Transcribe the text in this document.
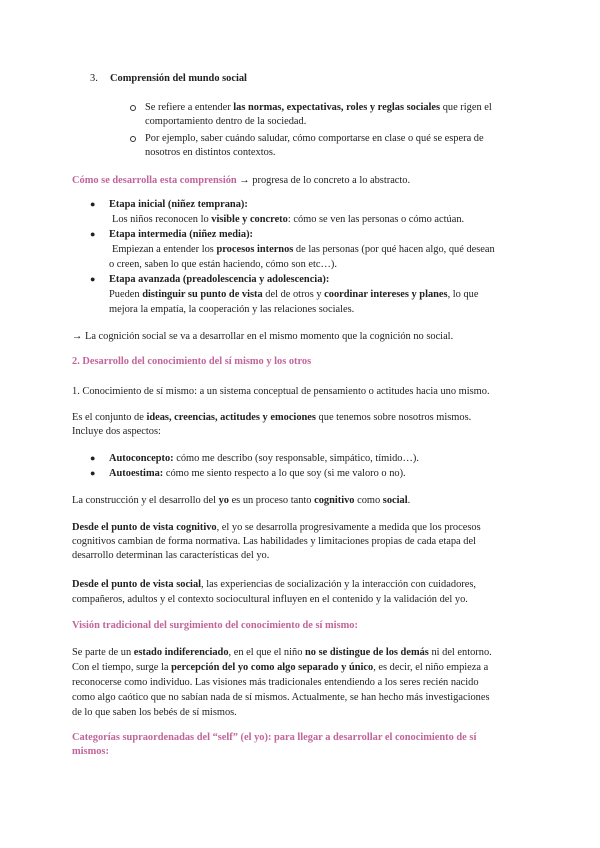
3. Comprensión del mundo social
Se refiere a entender las normas, expectativas, roles y reglas sociales que rigen el
comportamiento dentro de la sociedad.
Por ejemplo, saber cuándo saludar, cómo comportarse en clase o qué se espera de
nosotros en distintos contextos.
Cómo se desarrolla esta comprensión → progresa de lo concreto a lo abstracto.
● Etapa inicial (niñez temprana):
Los niños reconocen lo visible y concreto: cómo se ven las personas o cómo actúan.
● Etapa intermedia (niñez media):
Empiezan a entender los procesos internos de las personas (por qué hacen algo, qué desean
o creen, saben lo que están haciendo, cómo son etc…).
● Etapa avanzada (preadolescencia y adolescencia):
Pueden distinguir su punto de vista del de otros y coordinar intereses y planes, lo que
mejora la empatía, la cooperación y las relaciones sociales.
→ La cognición social se va a desarrollar en el mismo momento que la cognición no social.
2. Desarrollo del conocimiento del sí mismo y los otros
1. Conocimiento de sí mismo: a un sistema conceptual de pensamiento o actitudes hacia uno mismo.
Es el conjunto de ideas, creencias, actitudes y emociones que tenemos sobre nosotros mismos.
Incluye dos aspectos:
● Autoconcepto: cómo me describo (soy responsable, simpático, tímido…).
● Autoestima: cómo me siento respecto a lo que soy (si me valoro o no).
La construcción y el desarrollo del yo es un proceso tanto cognitivo como social.
Desde el punto de vista cognitivo, el yo se desarrolla progresivamente a medida que los procesos
cognitivos cambian de forma normativa. Las habilidades y limitaciones propias de cada etapa del
desarrollo determinan las características del yo.
Desde el punto de vista social, las experiencias de socialización y la interacción con cuidadores,
compañeros, adultos y el contexto sociocultural influyen en el contenido y la validación del yo.
Visión tradicional del surgimiento del conocimiento de sí mismo:
Se parte de un estado indiferenciado, en el que el niño no se distingue de los demás ni del entorno.
Con el tiempo, surge la percepción del yo como algo separado y único, es decir, el niño empieza a
reconocerse como individuo. Las visiones más tradicionales entendiendo a los seres recién nacido
como algo caótico que no sabían nada de sí mismos. Actualmente, se han hecho más investigaciones
de lo que saben los bebés de sí mismos.
Categorías supraordenadas del “self” (el yo): para llegar a desarrollar el conocimiento de sí
mismos:
